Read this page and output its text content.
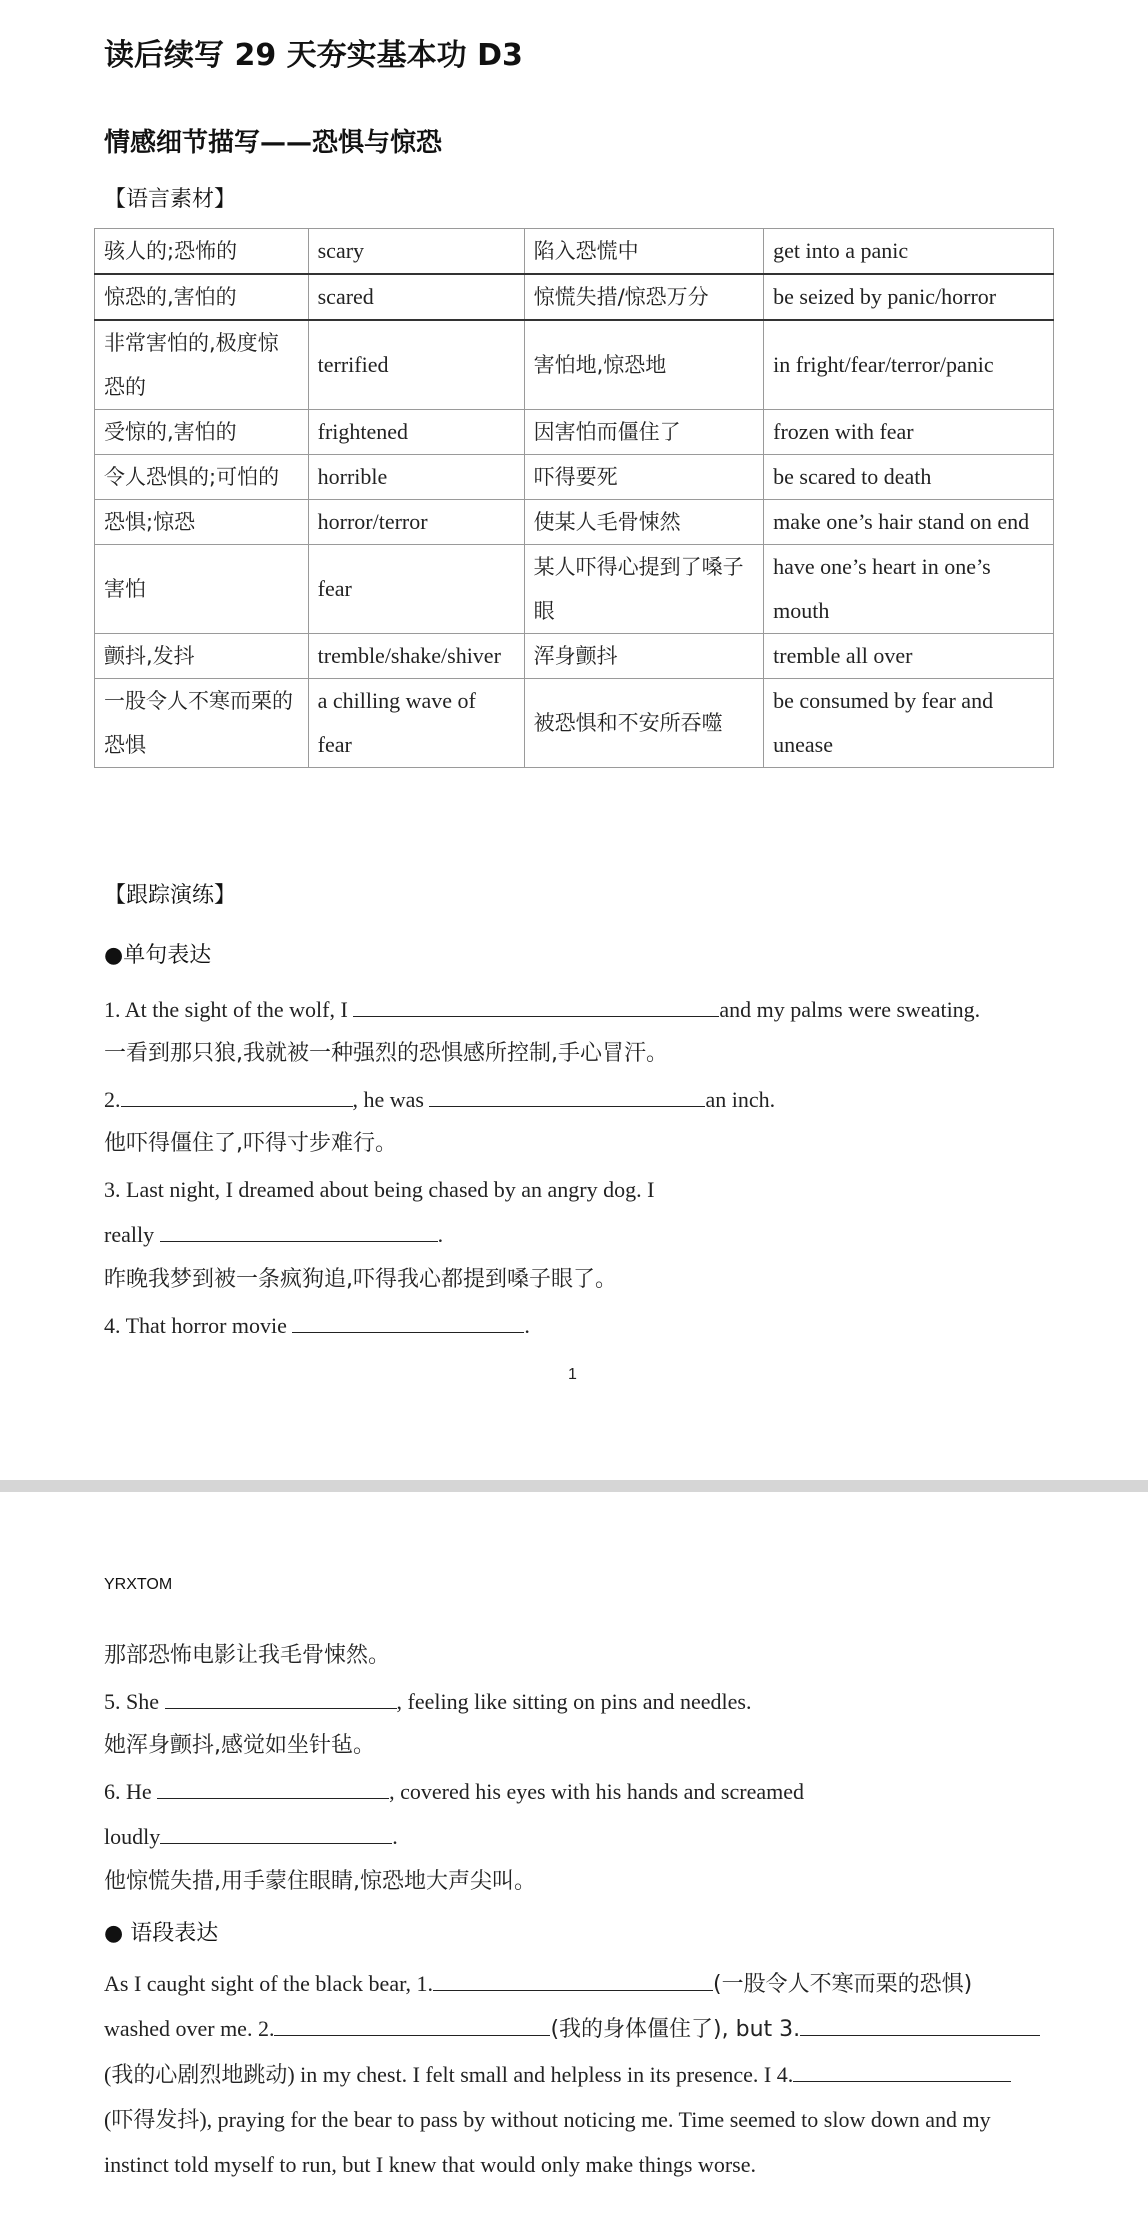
读后续写 29 天夯实基本功 D3
情感细节描写——恐惧与惊恐
【语言素材】
骇人的;恐怖的	scary	陷入恐慌中	get into a panic
惊恐的,害怕的	scared	惊慌失措/惊恐万分	be seized by panic/horror
非常害怕的,极度惊恐的	terrified	害怕地,惊恐地	in fright/fear/terror/panic
受惊的,害怕的	frightened	因害怕而僵住了	frozen with fear
令人恐惧的;可怕的	horrible	吓得要死	be scared to death
恐惧;惊恐	horror/terror	使某人毛骨悚然	make one’s hair stand on end
害怕	fear	某人吓得心提到了嗓子眼	have one’s heart in one’s mouth
颤抖,发抖	tremble/shake/shiver	浑身颤抖	tremble all over
一股令人不寒而栗的恐惧	a chilling wave of fear	被恐惧和不安所吞噬	be consumed by fear and unease
【跟踪演练】
●单句表达
1. At the sight of the wolf, I	and my palms were sweating.
一看到那只狼,我就被一种强烈的恐惧感所控制,手心冒汗。
2.	, he was	an inch.
他吓得僵住了,吓得寸步难行。
3. Last night, I dreamed about being chased by an angry dog. I
really	.
昨晚我梦到被一条疯狗追,吓得我心都提到嗓子眼了。
4. That horror movie	.
1
YRXTOM
那部恐怖电影让我毛骨悚然。
5. She	, feeling like sitting on pins and needles.
她浑身颤抖,感觉如坐针毡。
6. He	, covered his eyes with his hands and screamed
loudly	.
他惊慌失措,用手蒙住眼睛,惊恐地大声尖叫。
● 语段表达
As I caught sight of the black bear, 1.	(一股令人不寒而栗的恐惧)
washed over me. 2.	(我的身体僵住了), but 3.
(我的心剧烈地跳动) in my chest. I felt small and helpless in its presence. I 4.
(吓得发抖), praying for the bear to pass by without noticing me. Time seemed to slow down and my
instinct told myself to run, but I knew that would only make things worse.
